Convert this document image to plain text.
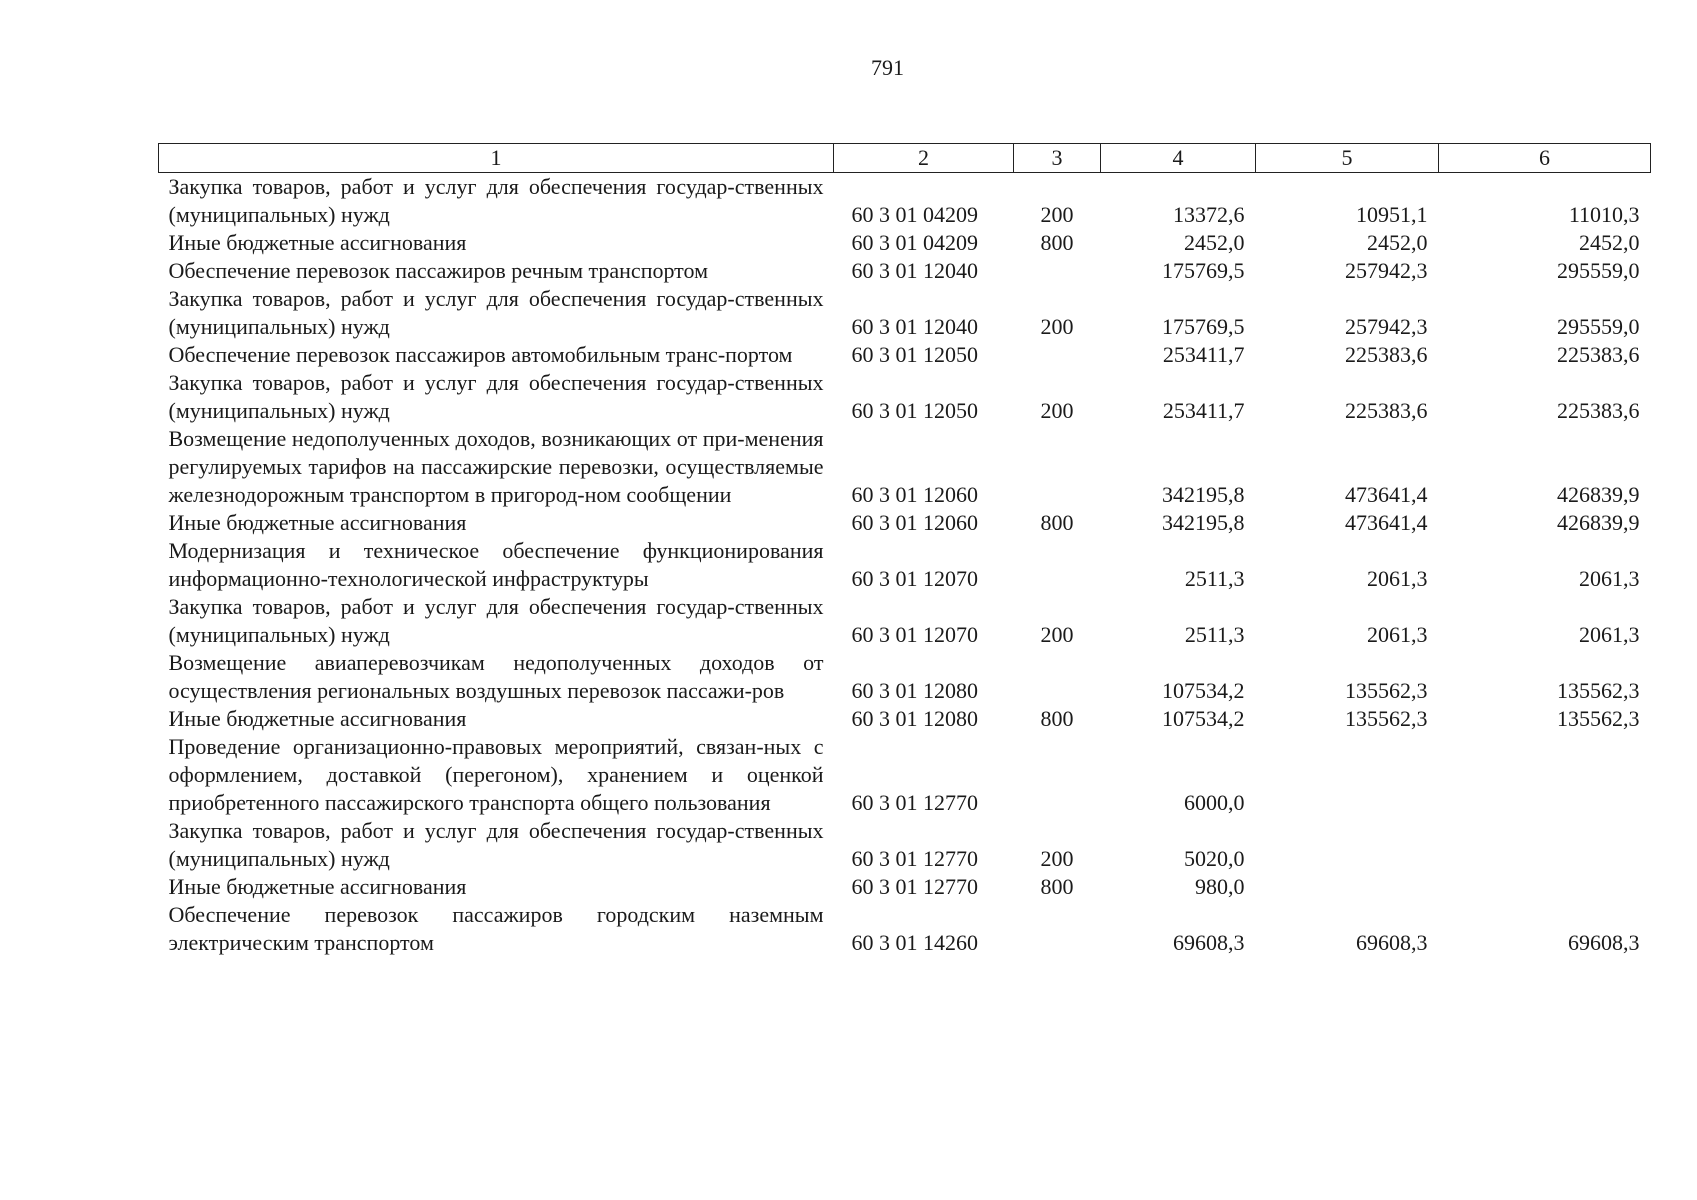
791
1	2	3	4	5	6
Закупка товаров, работ и услуг для обеспечения государ-ственных (муниципальных) нужд	60 3 01 04209	200	13372,6	10951,1	11010,3
Иные бюджетные ассигнования	60 3 01 04209	800	2452,0	2452,0	2452,0
Обеспечение перевозок пассажиров речным транспортом	60 3 01 12040		175769,5	257942,3	295559,0
Закупка товаров, работ и услуг для обеспечения государ-ственных (муниципальных) нужд	60 3 01 12040	200	175769,5	257942,3	295559,0
Обеспечение перевозок пассажиров автомобильным транс-портом	60 3 01 12050		253411,7	225383,6	225383,6
Закупка товаров, работ и услуг для обеспечения государ-ственных (муниципальных) нужд	60 3 01 12050	200	253411,7	225383,6	225383,6
Возмещение недополученных доходов, возникающих от при-менения регулируемых тарифов на пассажирские перевозки, осуществляемые железнодорожным транспортом в пригород-ном сообщении	60 3 01 12060		342195,8	473641,4	426839,9
Иные бюджетные ассигнования	60 3 01 12060	800	342195,8	473641,4	426839,9
Модернизация и техническое обеспечение функционирования информационно-технологической инфраструктуры	60 3 01 12070		2511,3	2061,3	2061,3
Закупка товаров, работ и услуг для обеспечения государ-ственных (муниципальных) нужд	60 3 01 12070	200	2511,3	2061,3	2061,3
Возмещение авиаперевозчикам недополученных доходов от осуществления региональных воздушных перевозок пассажи-ров	60 3 01 12080		107534,2	135562,3	135562,3
Иные бюджетные ассигнования	60 3 01 12080	800	107534,2	135562,3	135562,3
Проведение организационно-правовых мероприятий, связан-ных с оформлением, доставкой (перегоном), хранением и оценкой приобретенного пассажирского транспорта общего пользования	60 3 01 12770		6000,0		
Закупка товаров, работ и услуг для обеспечения государ-ственных (муниципальных) нужд	60 3 01 12770	200	5020,0		
Иные бюджетные ассигнования	60 3 01 12770	800	980,0		
Обеспечение перевозок пассажиров городским наземным электрическим транспортом	60 3 01 14260		69608,3	69608,3	69608,3
